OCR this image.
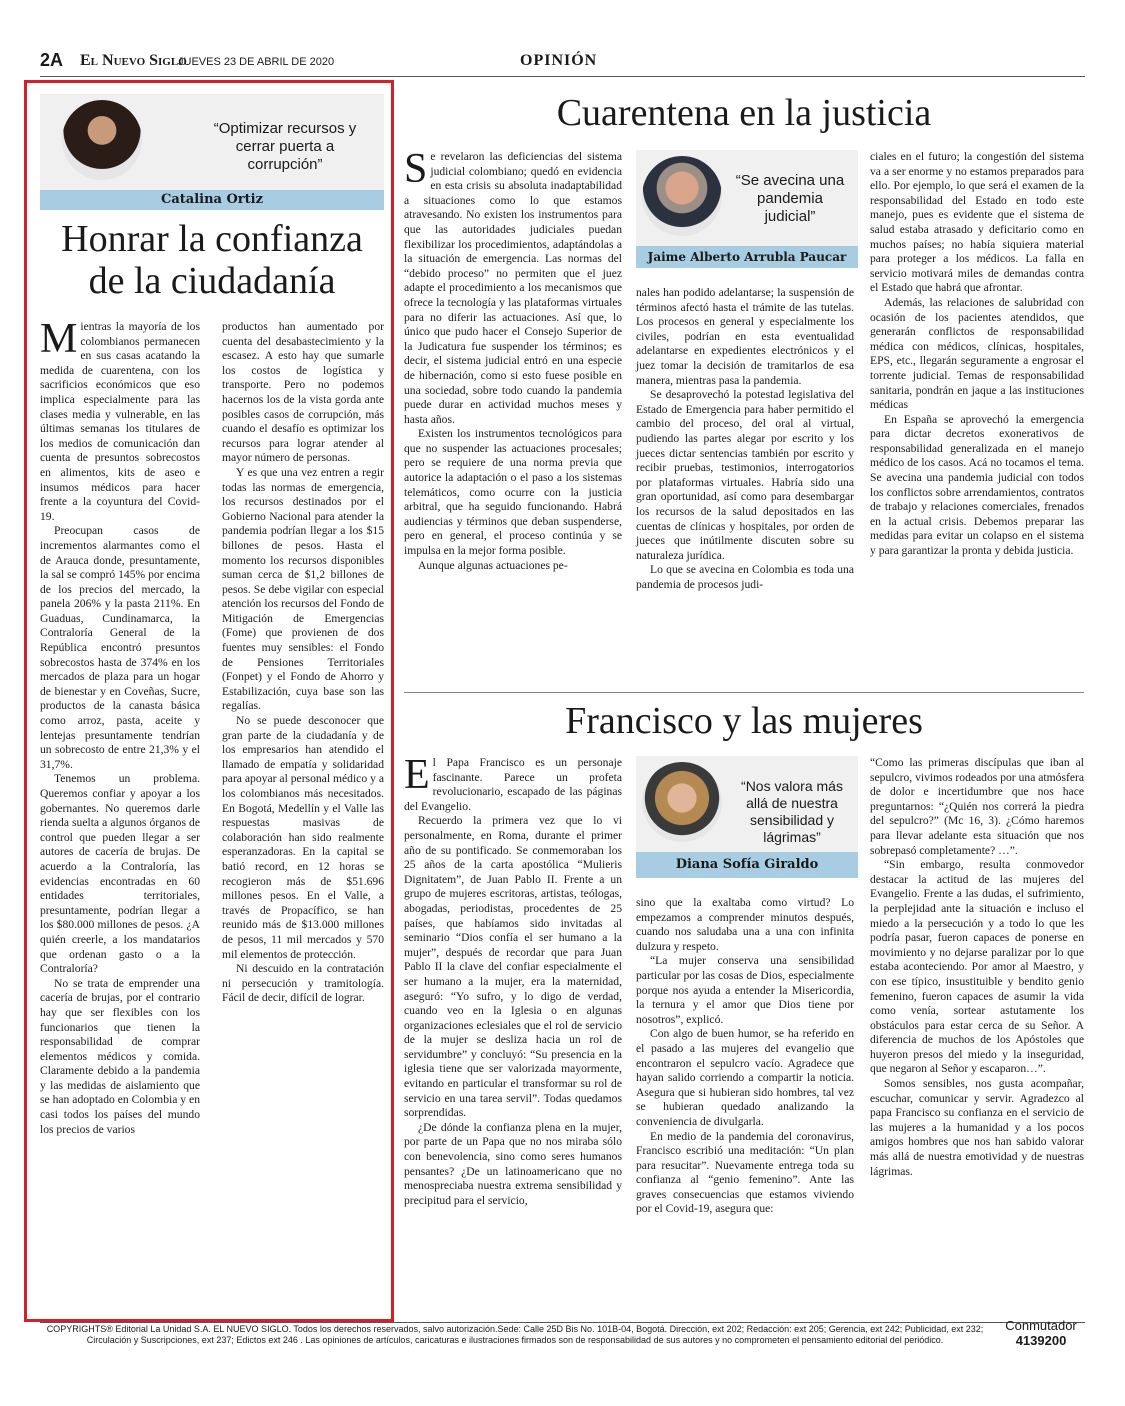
2A El Nuevo Siglo
JUEVES 23 DE ABRIL DE 2020	OPINIÓN
“Optimizar recursos y cerrar puerta a corrupción”
Catalina Ortiz
Honrar la confianza
de la ciudadanía
M ientras la mayoría de los colombianos permanecen en sus casas acatando la medida de cuarentena, con los sacrificios económicos que eso implica especialmente para las clases media y vulnerable, en las últimas semanas los titulares de los medios de comunicación dan cuenta de presuntos sobrecostos en alimentos, kits de aseo e insumos médicos para hacer frente a la coyuntura del Covid-19.

Preocupan casos de incrementos alarmantes como el de Arauca donde, presuntamente, la sal se compró 145% por encima de los precios del mercado, la panela 206% y la pasta 211%. En Guaduas, Cundinamarca, la Contraloría General de la República encontró presuntos sobrecostos hasta de 374% en los mercados de plaza para un hogar de bienestar y en Coveñas, Sucre, productos de la canasta básica como arroz, pasta, aceite y lentejas presuntamente tendrían un sobrecosto de entre 21,3% y el 31,7%.

Tenemos un problema. Queremos confiar y apoyar a los gobernantes. No queremos darle rienda suelta a algunos órganos de control que pueden llegar a ser autores de cacería de brujas. De acuerdo a la Contraloría, las evidencias encontradas en 60 entidades territoriales, presuntamente, podrían llegar a los $80.000 millones de pesos. ¿A quién creerle, a los mandatarios que ordenan gasto o a la Contraloría?

No se trata de emprender una cacería de brujas, por el contrario hay que ser flexibles con los funcionarios que tienen la responsabilidad de comprar elementos médicos y comida. Claramente debido a la pandemia y las medidas de aislamiento que se han adoptado en Colombia y en casi todos los países del mundo los precios de varios

productos han aumentado por cuenta del desabastecimiento y la escasez. A esto hay que sumarle los costos de logística y transporte. Pero no podemos hacernos los de la vista gorda ante posibles casos de corrupción, más cuando el desafío es optimizar los recursos para lograr atender al mayor número de personas.

Y es que una vez entren a regir todas las normas de emergencia, los recursos destinados por el Gobierno Nacional para atender la pandemia podrían llegar a los $15 billones de pesos. Hasta el momento los recursos disponibles suman cerca de $1,2 billones de pesos. Se debe vigilar con especial atención los recursos del Fondo de Mitigación de Emergencias (Fome) que provienen de dos fuentes muy sensibles: el Fondo de Pensiones Territoriales (Fonpet) y el Fondo de Ahorro y Estabilización, cuya base son las regalías.

No se puede desconocer que gran parte de la ciudadanía y de los empresarios han atendido el llamado de empatía y solidaridad para apoyar al personal médico y a los colombianos más necesitados. En Bogotá, Medellín y el Valle las respuestas masivas de colaboración han sido realmente esperanzadoras. En la capital se batió record, en 12 horas se recogieron más de $51.696 millones pesos. En el Valle, a través de Propacífico, se han reunido más de $13.000 millones de pesos, 11 mil mercados y 570 mil elementos de protección.

Ni descuido en la contratación ni persecución y tramitología. Fácil de decir, difícil de lograr.

Cuarentena en la justicia
S e revelaron las deficiencias del sistema judicial colombiano; quedó en evidencia en esta crisis su absoluta inadaptabilidad a situaciones como lo que estamos atravesando. No existen los instrumentos para que las autoridades judiciales puedan flexibilizar los procedimientos, adaptándolas a la situación de emergencia. Las normas del “debido proceso” no permiten que el juez adapte el procedimiento a los mecanismos que ofrece la tecnología y las plataformas virtuales para no diferir las actuaciones. Así que, lo único que pudo hacer el Consejo Superior de la Judicatura fue suspender los términos; es decir, el sistema judicial entró en una especie de hibernación, como si esto fuese posible en una sociedad, sobre todo cuando la pandemia puede durar en actividad muchos meses y hasta años.

Existen los instrumentos tecnológicos para que no suspender las actuaciones procesales; pero se requiere de una norma previa que autorice la adaptación o el paso a los sistemas telemáticos, como ocurre con la justicia arbitral, que ha seguido funcionando. Habrá audiencias y términos que deban suspenderse, pero en general, el proceso continúa y se impulsa en la mejor forma posible.

Aunque algunas actuaciones pe-

“Se avecina una pandemia judicial”
Jaime Alberto Arrubla Paucar

nales han podido adelantarse; la suspensión de términos afectó hasta el trámite de las tutelas. Los procesos en general y especialmente los civiles, podrían en esta eventualidad adelantarse en expedientes electrónicos y el juez tomar la decisión de tramitarlos de esa manera, mientras pasa la pandemia.

Se desaprovechó la potestad legislativa del Estado de Emergencia para haber permitido el cambio del proceso, del oral al virtual, pudiendo las partes alegar por escrito y los jueces dictar sentencias también por escrito y recibir pruebas, testimonios, interrogatorios por plataformas virtuales. Habría sido una gran oportunidad, así como para desembargar los recursos de la salud depositados en las cuentas de clínicas y hospitales, por orden de jueces que inútilmente discuten sobre su naturaleza jurídica.

Lo que se avecina en Colombia es toda una pandemia de procesos judi-

ciales en el futuro; la congestión del sistema va a ser enorme y no estamos preparados para ello. Por ejemplo, lo que será el examen de la responsabilidad del Estado en todo este manejo, pues es evidente que el sistema de salud estaba atrasado y deficitario como en muchos países; no había siquiera material para proteger a los médicos. La falla en servicio motivará miles de demandas contra el Estado que habrá que afrontar.

Además, las relaciones de salubridad con ocasión de los pacientes atendidos, que generarán conflictos de responsabilidad médica con médicos, clínicas, hospitales, EPS, etc., llegarán seguramente a engrosar el torrente judicial. Temas de responsabilidad sanitaria, pondrán en jaque a las instituciones médicas

En España se aprovechó la emergencia para dictar decretos exonerativos de responsabilidad generalizada en el manejo médico de los casos. Acá no tocamos el tema. Se avecina una pandemia judicial con todos los conflictos sobre arrendamientos, contratos de trabajo y relaciones comerciales, frenados en la actual crisis. Debemos preparar las medidas para evitar un colapso en el sistema y para garantizar la pronta y debida justicia.

Francisco y las mujeres
E l Papa Francisco es un personaje fascinante. Parece un profeta revolucionario, escapado de las páginas del Evangelio.

Recuerdo la primera vez que lo vi personalmente, en Roma, durante el primer año de su pontificado. Se conmemoraban los 25 años de la carta apostólica “Mulieris Dignitatem”, de Juan Pablo II. Frente a un grupo de mujeres escritoras, artistas, teólogas, abogadas, periodistas, procedentes de 25 países, que habíamos sido invitadas al seminario “Dios confía el ser humano a la mujer”, después de recordar que para Juan Pablo II la clave del confiar especialmente el ser humano a la mujer, era la maternidad, aseguró: “Yo sufro, y lo digo de verdad, cuando veo en la Iglesia o en algunas organizaciones eclesiales que el rol de servicio de la mujer se desliza hacia un rol de servidumbre” y concluyó: “Su presencia en la iglesia tiene que ser valorizada mayormente, evitando en particular el transformar su rol de servicio en una tarea servil”. Todas quedamos sorprendidas.

¿De dónde la confianza plena en la mujer, por parte de un Papa que no nos miraba sólo con benevolencia, sino como seres humanos pensantes? ¿De un latinoamericano que no menospreciaba nuestra extrema sensibilidad y precipitud para el servicio,

“Nos valora más allá de nuestra sensibilidad y lágrimas”
Diana Sofía Giraldo

sino que la exaltaba como virtud? Lo empezamos a comprender minutos después, cuando nos saludaba una a una con infinita dulzura y respeto.

“La mujer conserva una sensibilidad particular por las cosas de Dios, especialmente porque nos ayuda a entender la Misericordia, la ternura y el amor que Dios tiene por nosotros”, explicó.

Con algo de buen humor, se ha referido en el pasado a las mujeres del evangelio que encontraron el sepulcro vacío. Agradece que hayan salido corriendo a compartir la noticia. Asegura que si hubieran sido hombres, tal vez se hubieran quedado analizando la conveniencia de divulgarla.

En medio de la pandemia del coronavirus, Francisco escribió una meditación: “Un plan para resucitar”. Nuevamente entrega toda su confianza al “genio femenino”. Ante las graves consecuencias que estamos viviendo por el Covid-19, asegura que:

“Como las primeras discípulas que iban al sepulcro, vivimos rodeados por una atmósfera de dolor e incertidumbre que nos hace preguntarnos: “¿Quién nos correrá la piedra del sepulcro?” (Mc 16, 3). ¿Cómo haremos para llevar adelante esta situación que nos sobrepasó completamente? …”.

“Sin embargo, resulta conmovedor destacar la actitud de las mujeres del Evangelio. Frente a las dudas, el sufrimiento, la perplejidad ante la situación e incluso el miedo a la persecución y a todo lo que les podría pasar, fueron capaces de ponerse en movimiento y no dejarse paralizar por lo que estaba aconteciendo. Por amor al Maestro, y con ese típico, insustituible y bendito genio femenino, fueron capaces de asumir la vida como venía, sortear astutamente los obstáculos para estar cerca de su Señor. A diferencia de muchos de los Apóstoles que huyeron presos del miedo y la inseguridad, que negaron al Señor y escaparon…”.

Somos sensibles, nos gusta acompañar, escuchar, comunicar y servir. Agradezco al papa Francisco su confianza en el servicio de las mujeres a la humanidad y a los pocos amigos hombres que nos han sabido valorar más allá de nuestra emotividad y de nuestras lágrimas.

COPYRIGHTS® Editorial La Unidad S.A. EL NUEVO SIGLO. Todos los derechos reservados, salvo autorización.Sede: Calle 25D Bis No. 101B-04, Bogotá. Dirección, ext 202; Redacción: ext 205; Gerencia, ext 242; Publicidad, ext 232;
Circulación y Suscripciones, ext 237; Edictos ext 246 . Las opiniones de artículos, caricaturas e ilustraciones firmados son de responsabilidad de sus autores y no comprometen el pensamiento editorial del periódico.
Conmutador
4139200
